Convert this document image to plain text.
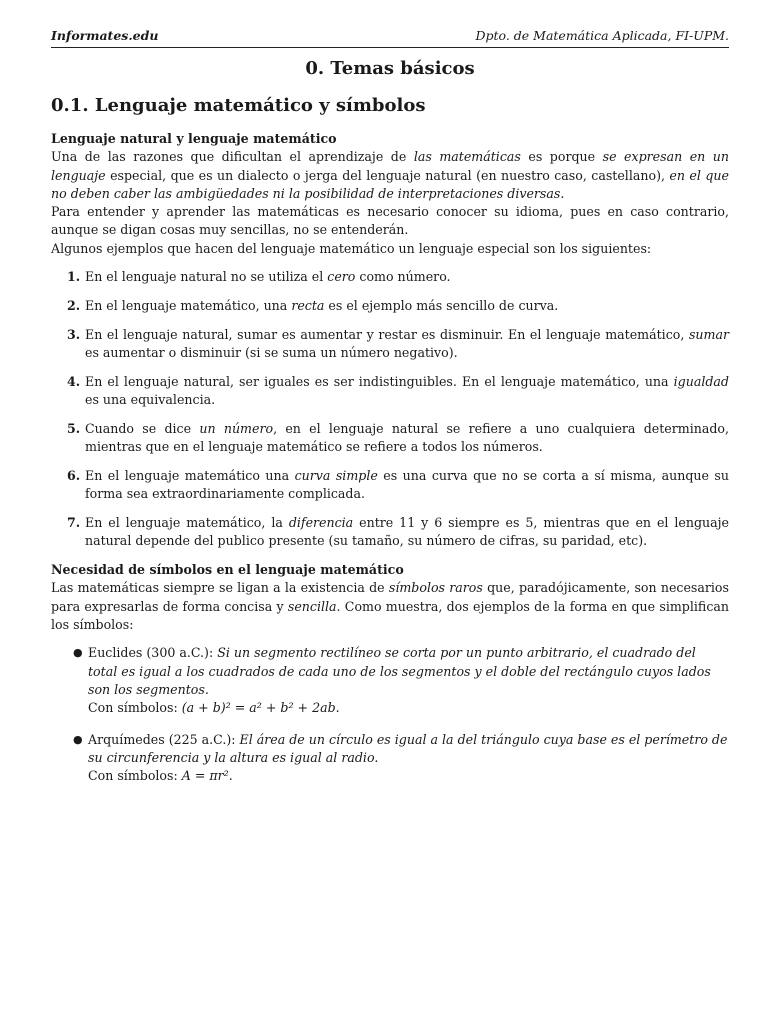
Informates.edu	Dpto. de Matemática Aplicada, FI-UPM.
0. Temas básicos
0.1. Lenguaje matemático y símbolos

Lenguaje natural y lenguaje matemático

Una de las razones que dificultan el aprendizaje de las matemáticas es porque se expresan en un lenguaje especial, que es un dialecto o jerga del lenguaje natural (en nuestro caso, castellano), en el que no deben caber las ambigüedades ni la posibilidad de interpretaciones diversas.

Para entender y aprender las matemáticas es necesario conocer su idioma, pues en caso contrario, aunque se digan cosas muy sencillas, no se entenderán.

Algunos ejemplos que hacen del lenguaje matemático un lenguaje especial son los siguientes:

1. En el lenguaje natural no se utiliza el cero como número.
2. En el lenguaje matemático, una recta es el ejemplo más sencillo de curva.
3. En el lenguaje natural, sumar es aumentar y restar es disminuir. En el lenguaje matemático, sumar es aumentar o disminuir (si se suma un número negativo).
4. En el lenguaje natural, ser iguales es ser indistinguibles. En el lenguaje matemático, una igualdad es una equivalencia.
5. Cuando se dice un número, en el lenguaje natural se refiere a uno cualquiera determinado, mientras que en el lenguaje matemático se refiere a todos los números.
6. En el lenguaje matemático una curva simple es una curva que no se corta a sí misma, aunque su forma sea extraordinariamente complicada.
7. En el lenguaje matemático, la diferencia entre 11 y 6 siempre es 5, mientras que en el lenguaje natural depende del publico presente (su tamaño, su número de cifras, su paridad, etc).

Necesidad de símbolos en el lenguaje matemático

Las matemáticas siempre se ligan a la existencia de símbolos raros que, paradójicamente, son necesarios para expresarlas de forma concisa y sencilla. Como muestra, dos ejemplos de la forma en que simplifican los símbolos:

● Euclides (300 a.C.): Si un segmento rectilíneo se corta por un punto arbitrario, el cuadrado del total es igual a los cuadrados de cada uno de los segmentos y el doble del rectángulo cuyos lados son los segmentos.
Con símbolos: (a + b)² = a² + b² + 2ab.
● Arquímedes (225 a.C.): El área de un círculo es igual a la del triángulo cuya base es el perímetro de su circunferencia y la altura es igual al radio.
Con símbolos: A = πr².
